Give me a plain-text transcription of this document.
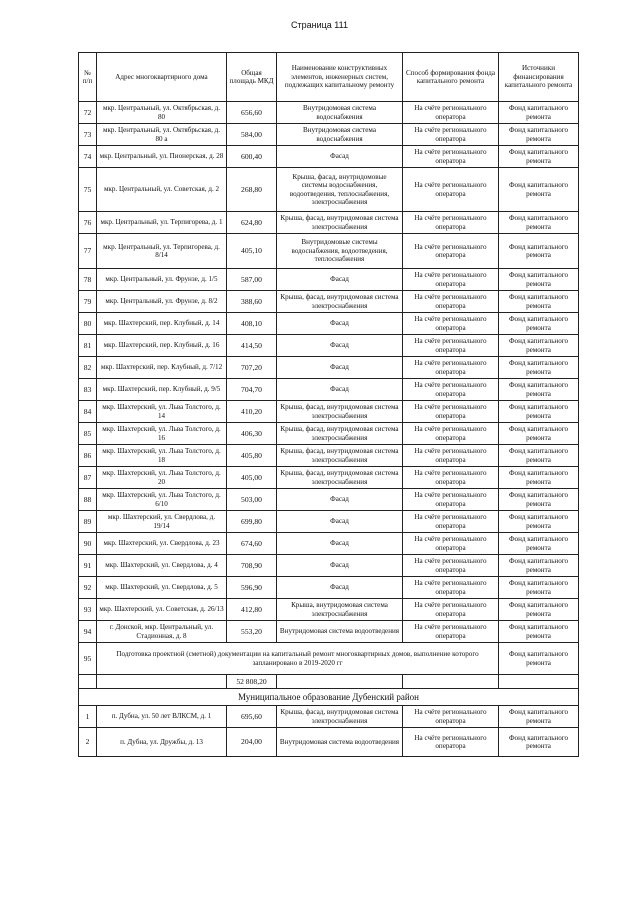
Страница 111
№ п/п	Адрес многоквартирного дома	Общая площадь МКД	Наименование конструктивных элементов, инженерных систем, подлежащих капитальному ремонту	Способ формирования фонда капитального ремонта	Источники финансирования капитального ремонта
72	мкр. Центральный, ул. Октябрьская, д. 80	656,60	Внутридомовая система водоснабжения	На счёте регионального оператора	Фонд капитального ремонта
73	мкр. Центральный, ул. Октябрьская, д. 80 а	584,00	Внутридомовая система водоснабжения	На счёте регионального оператора	Фонд капитального ремонта
74	мкр. Центральный, ул. Пионерская, д. 28	600,40	Фасад	На счёте регионального оператора	Фонд капитального ремонта
75	мкр. Центральный, ул. Советская, д. 2	268,80	Крыша, фасад, внутридомовые системы водоснабжения, водоотведения, теплоснабжения, электроснабжения	На счёте регионального оператора	Фонд капитального ремонта
76	мкр. Центральный, ул. Терпигорева, д. 1	624,80	Крыша, фасад, внутридомовая система электроснабжения	На счёте регионального оператора	Фонд капитального ремонта
77	мкр. Центральный, ул. Терпигорева, д. 8/14	405,10	Внутридомовые системы водоснабжения, водоотведения, теплоснабжения	На счёте регионального оператора	Фонд капитального ремонта
78	мкр. Центральный, ул. Фрунзе, д. 1/5	587,00	Фасад	На счёте регионального оператора	Фонд капитального ремонта
79	мкр. Центральный, ул. Фрунзе, д. 8/2	388,60	Крыша, фасад, внутридомовая система электроснабжения	На счёте регионального оператора	Фонд капитального ремонта
80	мкр. Шахтерский, пер. Клубный, д. 14	408,10	Фасад	На счёте регионального оператора	Фонд капитального ремонта
81	мкр. Шахтерский, пер. Клубный, д. 16	414,50	Фасад	На счёте регионального оператора	Фонд капитального ремонта
82	мкр. Шахтерский, пер. Клубный, д. 7/12	707,20	Фасад	На счёте регионального оператора	Фонд капитального ремонта
83	мкр. Шахтерский, пер. Клубный, д. 9/5	704,70	Фасад	На счёте регионального оператора	Фонд капитального ремонта
84	мкр. Шахтерский, ул. Льва Толстого, д. 14	410,20	Крыша, фасад, внутридомовая система электроснабжения	На счёте регионального оператора	Фонд капитального ремонта
85	мкр. Шахтерский, ул. Льва Толстого, д. 16	406,30	Крыша, фасад, внутридомовая система электроснабжения	На счёте регионального оператора	Фонд капитального ремонта
86	мкр. Шахтерский, ул. Льва Толстого, д. 18	405,80	Крыша, фасад, внутридомовая система электроснабжения	На счёте регионального оператора	Фонд капитального ремонта
87	мкр. Шахтерский, ул. Льва Толстого, д. 20	405,00	Крыша, фасад, внутридомовая система электроснабжения	На счёте регионального оператора	Фонд капитального ремонта
88	мкр. Шахтерский, ул. Льва Толстого, д. 6/10	503,00	Фасад	На счёте регионального оператора	Фонд капитального ремонта
89	мкр. Шахтерский, ул. Свердлова, д. 19/14	699,80	Фасад	На счёте регионального оператора	Фонд капитального ремонта
90	мкр. Шахтерский, ул. Свердлова, д. 23	674,60	Фасад	На счёте регионального оператора	Фонд капитального ремонта
91	мкр. Шахтерский, ул. Свердлова, д. 4	708,90	Фасад	На счёте регионального оператора	Фонд капитального ремонта
92	мкр. Шахтерский, ул. Свердлова, д. 5	596,90	Фасад	На счёте регионального оператора	Фонд капитального ремонта
93	мкр. Шахтерский, ул. Советская, д. 26/13	412,80	Крыша, внутридомовая система электроснабжения	На счёте регионального оператора	Фонд капитального ремонта
94	г. Донской, мкр. Центральный, ул. Стадионная, д. 8	553,20	Внутридомовая система водоотведения	На счёте регионального оператора	Фонд капитального ремонта
95	Подготовка проектной (сметной) документации на капитальный ремонт многоквартирных домов, выполнение которого запланировано в 2019-2020 гг				Фонд капитального ремонта
		52 808,20			
Муниципальное образование Дубенский район					
1	п. Дубна, ул. 50 лет ВЛКСМ, д. 1	695,60	Крыша, фасад, внутридомовая система электроснабжения	На счёте регионального оператора	Фонд капитального ремонта
2	п. Дубна, ул. Дружбы, д. 13	204,00	Внутридомовая система водоотведения	На счёте регионального оператора	Фонд капитального ремонта
